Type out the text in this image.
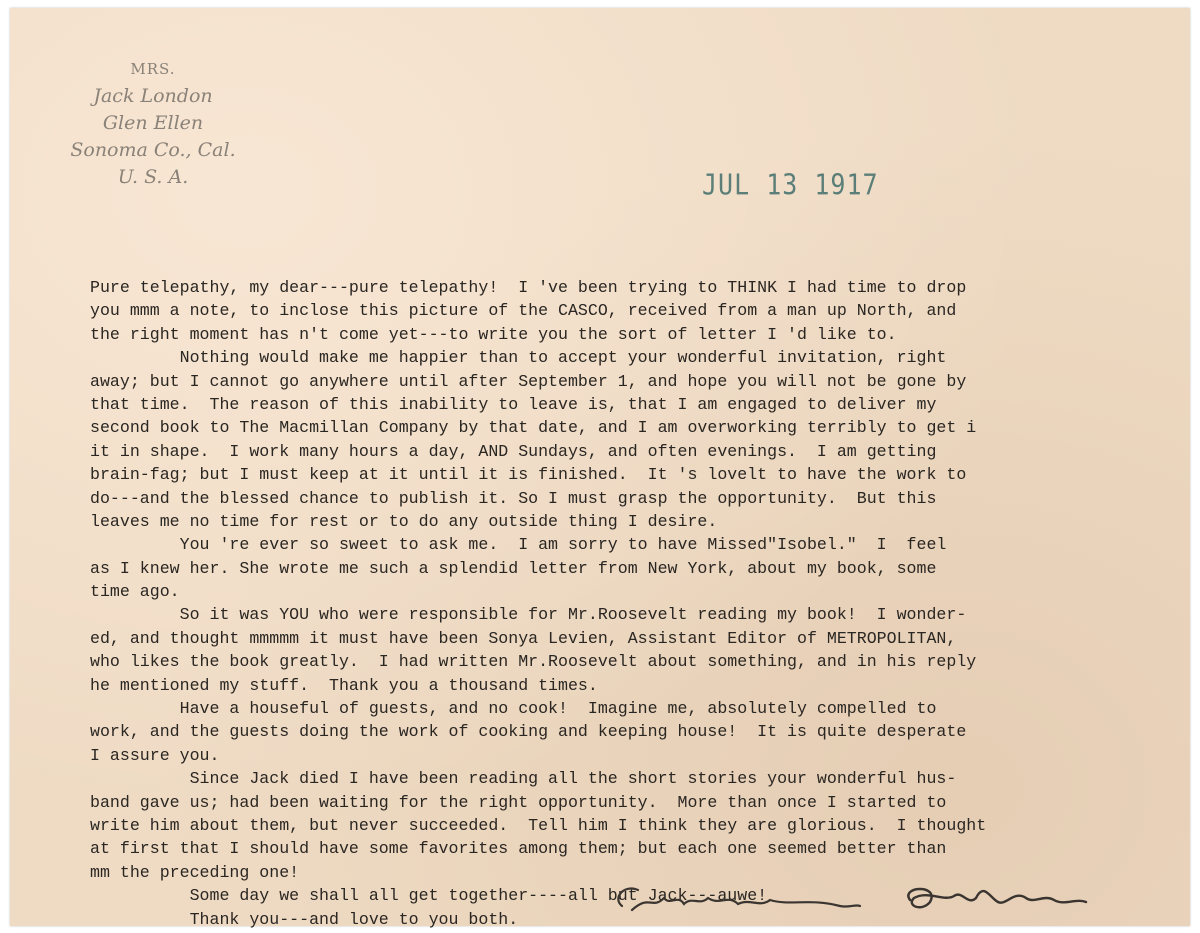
MRS.
Jack London
Glen Ellen
Sonoma Co., Cal.
U. S. A.	JUL 13 1917
Pure telepathy, my dear---pure telepathy!  I 've been trying to THINK I had time to drop
you mmm a note, to inclose this picture of the CASCO, received from a man up North, and
the right moment has n't come yet---to write you the sort of letter I 'd like to.
Nothing would make me happier than to accept your wonderful invitation, right
away; but I cannot go anywhere until after September 1, and hope you will not be gone by
that time.  The reason of this inability to leave is, that I am engaged to deliver my
second book to The Macmillan Company by that date, and I am overworking terribly to get i
it in shape.  I work many hours a day, AND Sundays, and often evenings.  I am getting
brain-fag; but I must keep at it until it is finished.  It 's lovelt to have the work to
do---and the blessed chance to publish it. So I must grasp the opportunity.  But this
leaves me no time for rest or to do any outside thing I desire.
You 're ever so sweet to ask me.  I am sorry to have Missed"Isobel."  I  feel
as I knew her. She wrote me such a splendid letter from New York, about my book, some
time ago.
So it was YOU who were responsible for Mr.Roosevelt reading my book!  I wonder-
ed, and thought mmmmm it must have been Sonya Levien, Assistant Editor of METROPOLITAN,
who likes the book greatly.  I had written Mr.Roosevelt about something, and in his reply
he mentioned my stuff.  Thank you a thousand times.
Have a houseful of guests, and no cook!  Imagine me, absolutely compelled to
work, and the guests doing the work of cooking and keeping house!  It is quite desperate
I assure you.
Since Jack died I have been reading all the short stories your wonderful hus-
band gave us; had been waiting for the right opportunity.  More than once I started to
write him about them, but never succeeded.  Tell him I think they are glorious.  I thought
at first that I should have some favorites among them; but each one seemed better than
mm the preceding one!
Some day we shall all get together----all but Jack---auwe!
Thank you---and love to you both.
